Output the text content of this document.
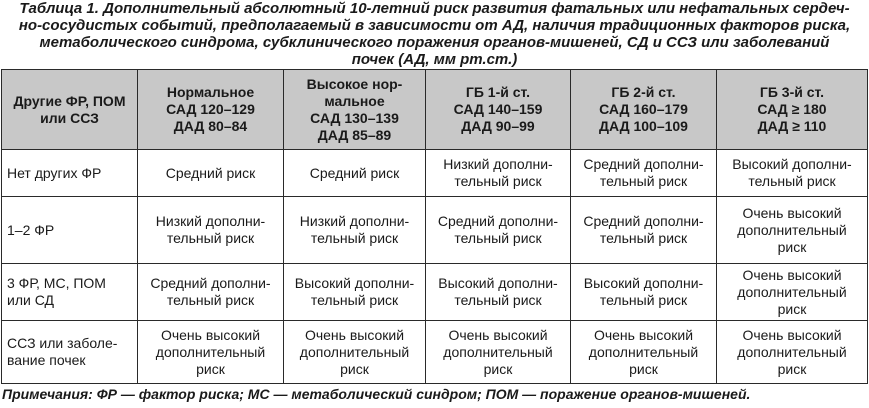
Таблица 1. Дополнительный абсолютный 10-летний риск развития фатальных или нефатальных сердеч-
но-сосудистых событий, предполагаемый в зависимости от АД, наличия традиционных факторов риска,
метаболического синдрома, субклинического поражения органов-мишеней, СД и ССЗ или заболеваний
почек (АД, мм рт.ст.)
Другие ФР, ПОМ
или ССЗ	Нормальное
САД 120–129
ДАД 80–84	Высокое нор-
мальное
САД 130–139
ДАД 85–89	ГБ 1-й ст.
САД 140–159
ДАД 90–99	ГБ 2-й ст.
САД 160–179
ДАД 100–109	ГБ 3-й ст.
САД ≥ 180
ДАД ≥ 110

Нет других ФР	Средний риск	Средний риск	Низкий дополни-
тельный риск	Средний дополни-
тельный риск	Высокий дополни-
тельный риск

1–2 ФР	Низкий дополни-
тельный риск	Низкий дополни-
тельный риск	Средний дополни-
тельный риск	Средний дополни-
тельный риск	Очень высокий
дополнительный
риск

3 ФР, МС, ПОМ
или СД	Средний дополни-
тельный риск	Высокий дополни-
тельный риск	Высокий дополни-
тельный риск	Высокий дополни-
тельный риск	Очень высокий
дополнительный
риск

ССЗ или заболе-
вание почек	Очень высокий
дополнительный
риск	Очень высокий
дополнительный
риск	Очень высокий
дополнительный
риск	Очень высокий
дополнительный
риск	Очень высокий
дополнительный
риск
Примечания: ФР — фактор риска; МС — метаболический синдром; ПОМ — поражение органов-мишеней.
